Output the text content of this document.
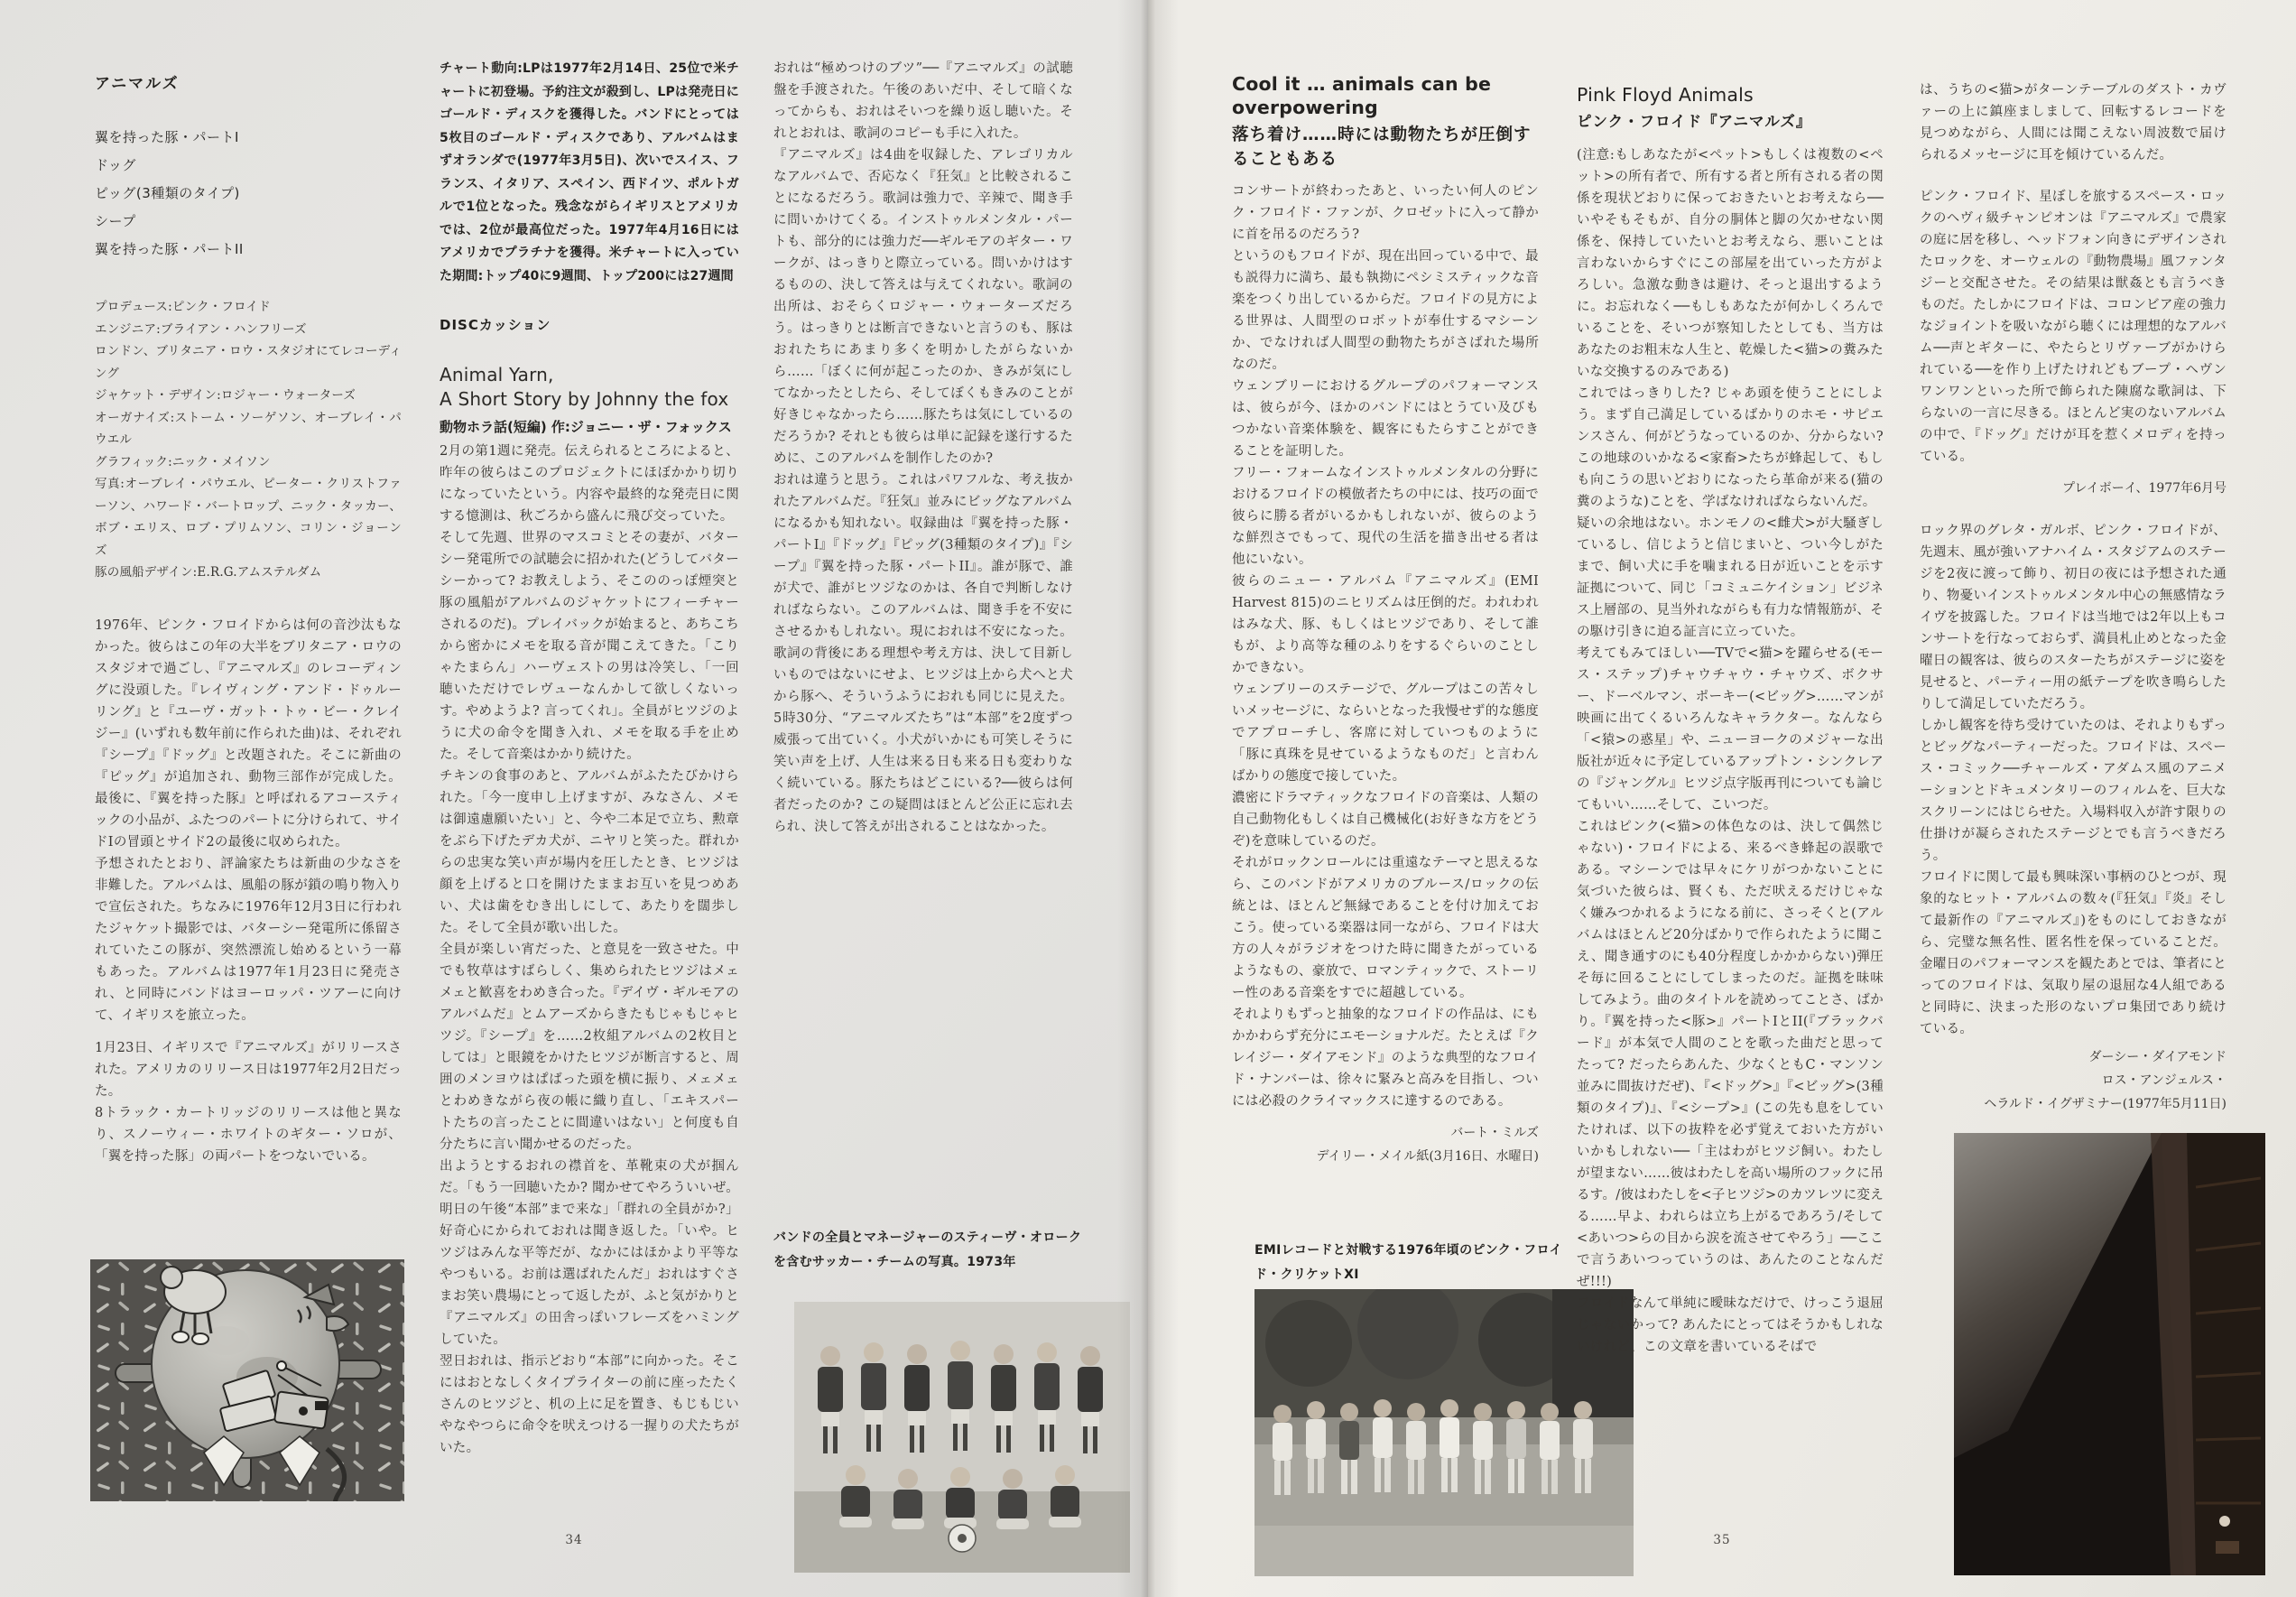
アニマルズ

翼を持った豚・パートI
ドッグ
ピッグ(3種類のタイプ)
シープ
翼を持った豚・パートII

プロデュース:ピンク・フロイド

エンジニア:ブライアン・ハンフリーズ

ロンドン、ブリタニア・ロウ・スタジオにてレコーディング

ジャケット・デザイン:ロジャー・ウォーターズ

オーガナイズ:ストーム・ソーゲソン、オーブレイ・パウエル

グラフィック:ニック・メイソン

写真:オーブレイ・パウエル、ピーター・クリストファーソン、ハワード・バートロップ、ニック・タッカー、ボブ・エリス、ロブ・プリムソン、コリン・ジョーンズ

豚の風船デザイン:E.R.G.アムステルダム

1976年、ピンク・フロイドからは何の音沙汰もなかった。彼らはこの年の大半をブリタニア・ロウのスタジオで過ごし、『アニマルズ』のレコーディングに没頭した。『レイヴィング・アンド・ドゥルーリング』と『ユーヴ・ガット・トゥ・ビー・クレイジー』(いずれも数年前に作られた曲)は、それぞれ『シープ』『ドッグ』と改題された。そこに新曲の『ピッグ』が追加され、動物三部作が完成した。最後に、『翼を持った豚』と呼ばれるアコースティックの小品が、ふたつのパートに分けられて、サイドIの冒頭とサイド2の最後に収められた。

予想されたとおり、評論家たちは新曲の少なさを非難した。アルバムは、風船の豚が鎖の鳴り物入りで宣伝された。ちなみに1976年12月3日に行われたジャケット撮影では、バターシー発電所に係留されていたこの豚が、突然漂流し始めるという一幕もあった。アルバムは1977年1月23日に発売され、と同時にバンドはヨーロッパ・ツアーに向けて、イギリスを旅立った。

1月23日、イギリスで『アニマルズ』がリリースされた。アメリカのリリース日は1977年2月2日だった。

8トラック・カートリッジのリリースは他と異なり、スノーウィー・ホワイトのギター・ソロが、「翼を持った豚」の両パートをつないでいる。

チャート動向:LPは1977年2月14日、25位で米チャートに初登場。予約注文が殺到し、LPは発売日にゴールド・ディスクを獲得した。バンドにとっては5枚目のゴールド・ディスクであり、アルバムはまずオランダで(1977年3月5日)、次いでスイス、フランス、イタリア、スペイン、西ドイツ、ポルトガルで1位となった。残念ながらイギリスとアメリカでは、2位が最高位だった。1977年4月16日にはアメリカでプラチナを獲得。米チャートに入っていた期間:トップ40に9週間、トップ200には27週間

DISCカッション

Animal Yarn,

A Short Story by Johnny the fox

動物ホラ話(短編) 作:ジョニー・ザ・フォックス

2月の第1週に発売。伝えられるところによると、昨年の彼らはこのプロジェクトにほぼかかり切りになっていたという。内容や最終的な発売日に関する憶測は、秋ごろから盛んに飛び交っていた。

そして先週、世界のマスコミとその妻が、バターシー発電所での試聴会に招かれた(どうしてバターシーかって? お教えしよう、そこののっぽ煙突と豚の風船がアルバムのジャケットにフィーチャーされるのだ)。プレイバックが始まると、あちこちから密かにメモを取る音が聞こえてきた。「こりゃたまらん」ハーヴェストの男は冷笑し、「一回聴いただけでレヴューなんかして欲しくないっす。やめようよ? 言ってくれ」。全員がヒツジのように犬の命令を聞き入れ、メモを取る手を止めた。そして音楽はかかり続けた。

チキンの食事のあと、アルバムがふたたびかけられた。「今一度申し上げますが、みなさん、メモは御遠慮願いたい」と、今や二本足で立ち、勲章をぶら下げたデカ犬が、ニヤリと笑った。群れからの忠実な笑い声が場内を圧したとき、ヒツジは顔を上げると口を開けたままお互いを見つめあい、犬は歯をむき出しにして、あたりを闊歩した。そして全員が歌い出した。

全員が楽しい宵だった、と意見を一致させた。中でも牧草はすばらしく、集められたヒツジはメェメェと歓喜をわめき合った。『デイヴ・ギルモアのアルバムだ』とムアーズからきたもじゃもじゃヒツジ。『シープ』を……2枚組アルバムの2枚目としては」と眼鏡をかけたヒツジが断言すると、周囲のメンヨウはぱばった頭を横に振り、メェメェとわめきながら夜の帳に織り直し、「エキスパートたちの言ったことに間違いはない」と何度も自分たちに言い聞かせるのだった。

出ようとするおれの襟首を、革靴束の犬が掴んだ。「もう一回聴いたか? 聞かせてやろういいぜ。明日の午後“本部”まで来な」「群れの全員がか?」好奇心にかられておれは聞き返した。「いや。ヒツジはみんな平等だが、なかにはほかより平等なやつもいる。お前は選ばれたんだ」おれはすぐさまお笑い農場にとって返したが、ふと気がかりと『アニマルズ』の田舎っぽいフレーズをハミングしていた。

翌日おれは、指示どおり“本部”に向かった。そこにはおとなしくタイプライターの前に座ったたくさんのヒツジと、机の上に足を置き、もじもじいやなやつらに命令を吠えつける一握りの犬たちがいた。

おれは“極めつけのブツ”──『アニマルズ』の試聴盤を手渡された。午後のあいだ中、そして暗くなってからも、おれはそいつを繰り返し聴いた。それとおれは、歌詞のコピーも手に入れた。

『アニマルズ』は4曲を収録した、アレゴリカルなアルバムで、否応なく『狂気』と比較されることになるだろう。歌詞は強力で、辛辣で、聞き手に問いかけてくる。インストゥルメンタル・パートも、部分的には強力だ──ギルモアのギター・ワークが、はっきりと際立っている。問いかけはするものの、決して答えは与えてくれない。歌詞の出所は、おそらくロジャー・ウォーターズだろう。はっきりとは断言できないと言うのも、豚はおれたちにあまり多くを明かしたがらないから……「ぼくに何が起こったのか、きみが気にしてなかったとしたら、そしてぼくもきみのことが好きじゃなかったら……豚たちは気にしているのだろうか? それとも彼らは単に記録を遂行するために、このアルバムを制作したのか?

おれは違うと思う。これはパワフルな、考え抜かれたアルバムだ。『狂気』並みにビッグなアルバムになるかも知れない。収録曲は『翼を持った豚・パートI』『ドッグ』『ピッグ(3種類のタイプ)』『シープ』『翼を持った豚・パートII』。誰が豚で、誰が犬で、誰がヒツジなのかは、各自で判断しなければならない。このアルバムは、聞き手を不安にさせるかもしれない。現におれは不安になった。歌詞の背後にある理想や考え方は、決して目新しいものではないにせよ、ヒツジは上から犬へと犬から豚へ、そういうふうにおれも同じに見えた。5時30分、“アニマルズたち”は“本部”を2度ずつ威張って出ていく。小犬がいかにも可笑しそうに笑い声を上げ、人生は来る日も来る日も変わりなく続いている。豚たちはどこにいる?──彼らは何者だったのか? この疑問はほとんど公正に忘れ去られ、決して答えが出されることはなかった。

バンドの全員とマネージャーのスティーヴ・オロークを含むサッカー・チームの写真。1973年
34

Cool it … animals can be overpowering

落ち着け……時には動物たちが圧倒することもある

コンサートが終わったあと、いったい何人のピンク・フロイド・ファンが、クロゼットに入って静かに首を吊るのだろう?

というのもフロイドが、現在出回っている中で、最も説得力に満ち、最も執拗にペシミスティックな音楽をつくり出しているからだ。フロイドの見方による世界は、人間型のロボットが奉仕するマシーンか、でなければ人間型の動物たちがさばれた場所なのだ。

ウェンブリーにおけるグループのパフォーマンスは、彼らが今、ほかのバンドにはとうてい及びもつかない音楽体験を、観客にもたらすことができることを証明した。

フリー・フォームなインストゥルメンタルの分野におけるフロイドの模倣者たちの中には、技巧の面で彼らに勝る者がいるかもしれないが、彼らのような鮮烈さでもって、現代の生活を描き出せる者は他にいない。

彼らのニュー・アルバム『アニマルズ』(EMI Harvest 815)のニヒリズムは圧倒的だ。われわれはみな犬、豚、もしくはヒツジであり、そして誰もが、より高等な種のふりをするぐらいのことしかできない。

ウェンブリーのステージで、グループはこの苦々しいメッセージに、ならいとなった我慢せず的な態度でアプローチし、客席に対していつものように「豚に真珠を見せているようなものだ」と言わんばかりの態度で接していた。

濃密にドラマティックなフロイドの音楽は、人類の自己動物化もしくは自己機械化(お好きな方をどうぞ)を意味しているのだ。

それがロックンロールには重遠なテーマと思えるなら、このバンドがアメリカのブルース/ロックの伝統とは、ほとんど無縁であることを付け加えておこう。使っている楽器は同一ながら、フロイドは大方の人々がラジオをつけた時に聞きたがっているようなもの、豪放で、ロマンティックで、ストーリー性のある音楽をすでに超越している。

それよりもずっと抽象的なフロイドの作品は、にもかかわらず充分にエモーショナルだ。たとえば『クレイジー・ダイアモンド』のような典型的なフロイド・ナンバーは、徐々に緊みと高みを目指し、ついには必殺のクライマックスに達するのである。

バート・ミルズ

デイリー・メイル紙(3月16日、水曜日)

EMIレコードと対戦する1976年頃のピンク・フロイド・クリケットXI

Pink Floyd Animals

ピンク・フロイド『アニマルズ』

(注意:もしあなたが<ペット>もしくは複数の<ペット>の所有者で、所有する者と所有される者の関係を現状どおりに保っておきたいとお考えなら──いやそもそもが、自分の胴体と脚の欠かせない関係を、保持していたいとお考えなら、悪いことは言わないからすぐにこの部屋を出ていった方がよろしい。急激な動きは避け、そっと退出するように。お忘れなく──もしもあなたが何かしくろんでいることを、そいつが察知したとしても、当方はあなたのお粗末な人生と、乾燥した<猫>の糞みたいな交換するのみである)

これではっきりした? じゃあ頭を使うことにしよう。まず自己満足しているばかりのホモ・サピエンスさん、何がどうなっているのか、分からない? この地球のいかなる<家畜>たちが蜂起して、もしも向こうの思いどおりになったら革命が来る(猫の糞のような)ことを、学ばなければならないんだ。

疑いの余地はない。ホンモノの<雌犬>が大騒ぎしているし、信じようと信じまいと、つい今しがたまで、飼い犬に手を噛まれる日が近いことを示す証拠について、同じ「コミュニケイション」ビジネス上層部の、見当外れながらも有力な情報筋が、その駆け引きに迫る証言に立っていた。

考えてもみてほしい──TVで<猫>を躍らせる(モース・ステップ)チャウチャウ・チャウズ、ボクサー、ドーベルマン、ポーキー(<ビッグ>……マンが映画に出てくるいろんなキャラクター。なんなら「<猿>の惑星」や、ニューヨークのメジャーな出版社が近々に予定しているアップトン・シンクレアの『ジャングル』ヒツジ点字版再刊についても論じてもいい……そして、こいつだ。

これはピンク(<猫>の体色なのは、決して偶然じゃない)・フロイドによる、来るべき蜂起の誤歌である。マシーンでは早々にケリがつかないことに気づいた彼らは、賢くも、ただ吠えるだけじゃなく嫌みつかれるようになる前に、さっそくと(アルバムはほとんど20分ばかりで作られたように聞こえ、聞き通すのにも40分程度しかかからない)弾圧そ毎に回ることにしてしまったのだ。証拠を昧味してみよう。曲のタイトルを読めってことさ、ばかり。『翼を持った<豚>』パートIとII(『ブラックバード』が本気で人間のことを歌った曲だと思ってたって? だったらあんた、少なくともC・マンソン並みに間抜けだぜ)、『<ドッグ>』『<ビッグ>(3種類のタイプ)』、『<シープ>』(この先も息をしていたければ、以下の抜粋を必ず覚えておいた方がいいかもしれない──「主はわがヒツジ飼い。わたしが望まない……彼はわたしを高い場所のフックに吊るす。/彼はわたしを<子ヒツジ>のカツレツに変える……早よ、われらは立ち上がるであろう/そして<あいつ>らの目から涙を流させてやろう」──ここで言うあいつっていうのは、あんたのことなんだぜ!!!)

フロイドなんて単純に曖昧なだけで、けっこう退屈じゃないかって? あんたにとってはそうかもしれないけれど、この文章を書いているそばで

は、うちの<猫>がターンテーブルのダスト・カヴァーの上に鎮座ましまして、回転するレコードを見つめながら、人間には聞こえない周波数で届けられるメッセージに耳を傾けているんだ。

ピンク・フロイド、星ぼしを旅するスペース・ロックのヘヴィ級チャンピオンは『アニマルズ』で農家の庭に居を移し、ヘッドフォン向きにデザインされたロックを、オーウェルの『動物農場』風ファンタジーと交配させた。その結果は獣姦とも言うべきものだ。たしかにフロイドは、コロンビア産の強力なジョイントを吸いながら聴くには理想的なアルバム──声とギターに、やたらとリヴァーブがかけられている──を作り上げたけれどもブープ・ヘヴンワンワンといった所で飾られた陳腐な歌詞は、下らないの一言に尽きる。ほとんど実のないアルバムの中で、『ドッグ』だけが耳を惹くメロディを持っている。

プレイボーイ、1977年6月号

ロック界のグレタ・ガルボ、ピンク・フロイドが、先週末、風が強いアナハイム・スタジアムのステージを2夜に渡って飾り、初日の夜には予想された通り、物憂いインストゥルメンタル中心の無感情なライヴを披露した。フロイドは当地では2年以上もコンサートを行なっておらず、満員札止めとなった金曜日の観客は、彼らのスターたちがステージに姿を見せると、パーティー用の紙テープを吹き鳴らしたりして満足していただろう。

しかし観客を待ち受けていたのは、それよりもずっとビッグなパーティーだった。フロイドは、スペース・コミック──チャールズ・アダムス風のアニメーションとドキュメンタリーのフィルムを、巨大なスクリーンにはじらせた。入場料収入が許す限りの仕掛けが凝らされたステージとでも言うべきだろう。

フロイドに関して最も興味深い事柄のひとつが、現象的なヒット・アルバムの数々(『狂気』『炎』そして最新作の『アニマルズ』)をものにしておきながら、完璧な無名性、匿名性を保っていることだ。金曜日のパフォーマンスを観たあとでは、筆者にとってのフロイドは、気取り屋の退屈な4人組であると同時に、決まった形のないプロ集団であり続けている。

ダーシー・ダイアモンド

ロス・アンジェルス・

ヘラルド・イグザミナー(1977年5月11日)

35
